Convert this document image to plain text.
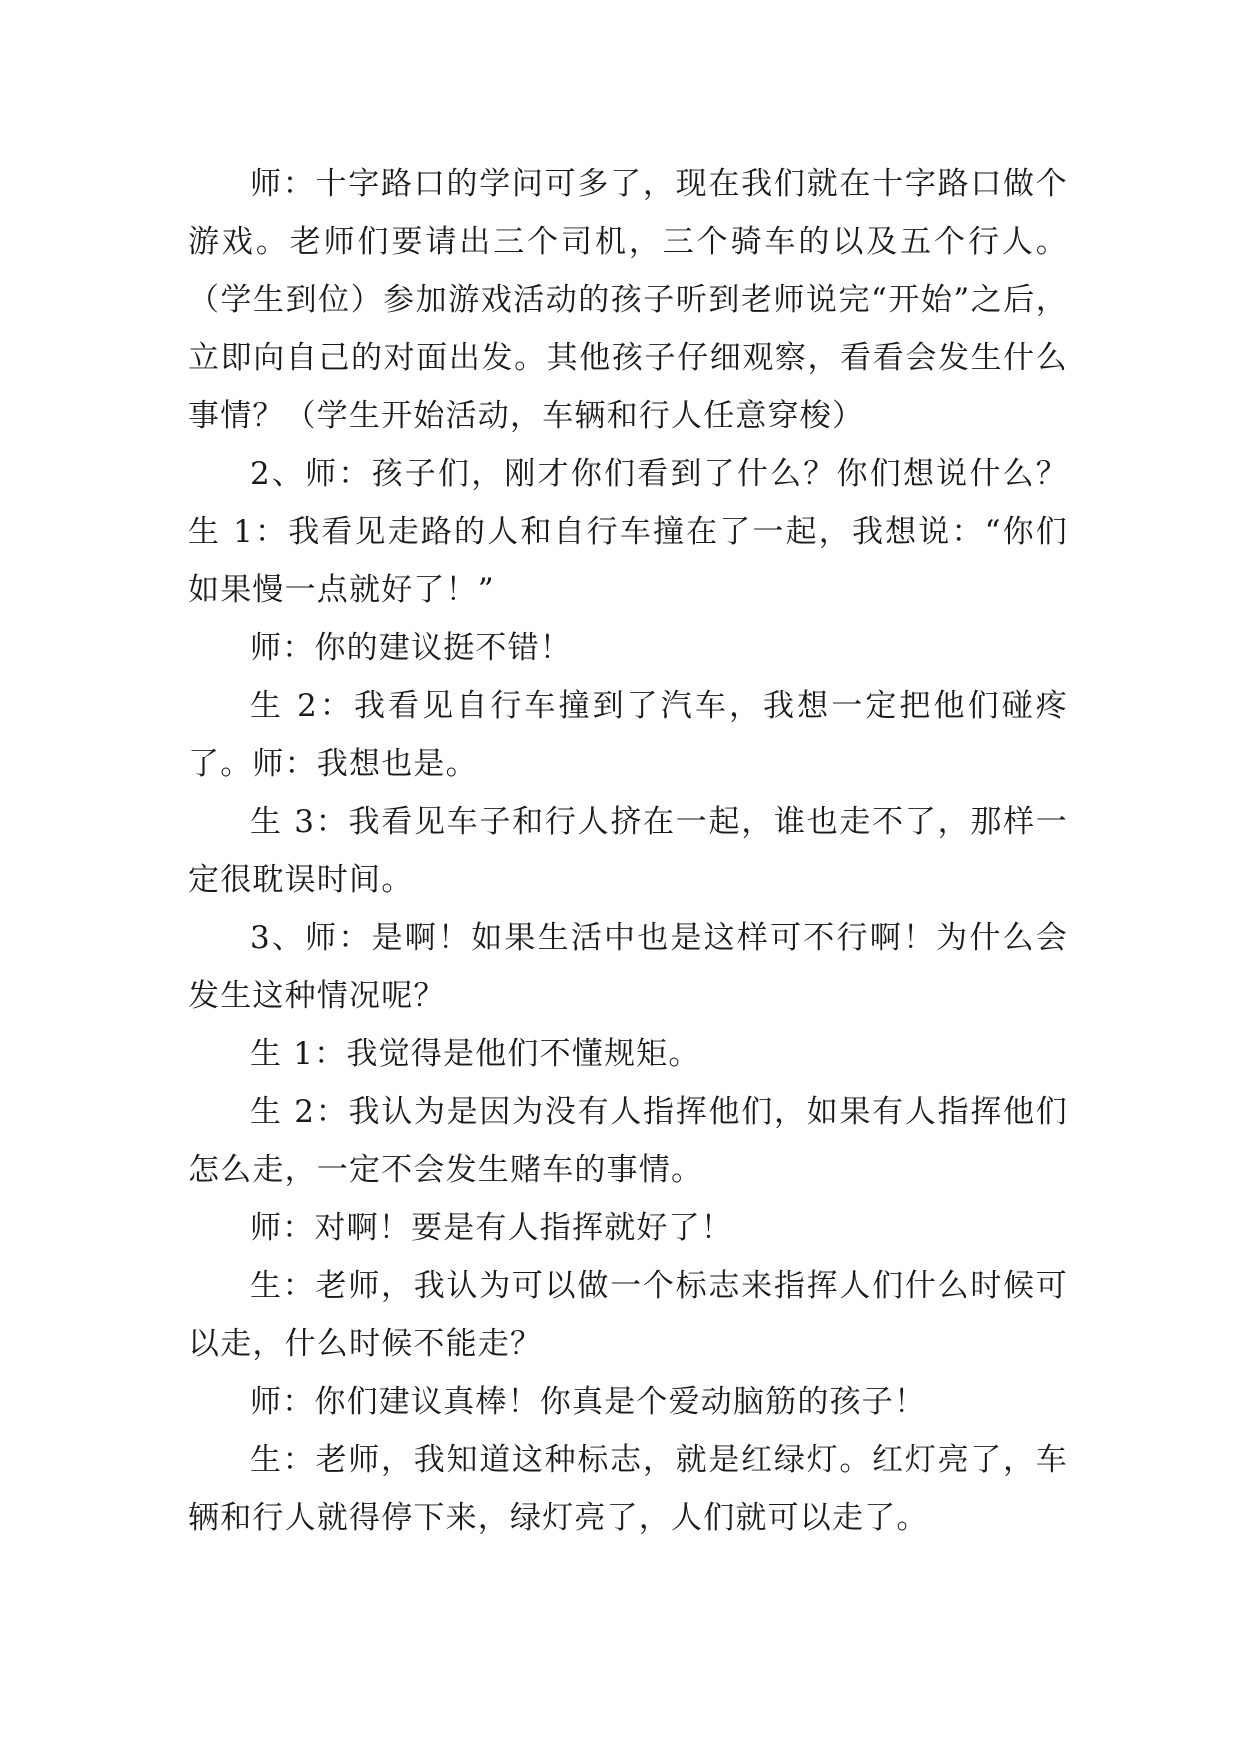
师：十字路口的学问可多了，现在我们就在十字路口做个游戏。老师们要请出三个司机，三个骑车的以及五个行人。（学生到位）参加游戏活动的孩子听到老师说完“开始”之后，立即向自己的对面出发。其他孩子仔细观察，看看会发生什么事情？（学生开始活动，车辆和行人任意穿梭）

2、师：孩子们，刚才你们看到了什么？你们想说什么？生 1：我看见走路的人和自行车撞在了一起，我想说：“你们如果慢一点就好了！”

师：你的建议挺不错！

生 2：我看见自行车撞到了汽车，我想一定把他们碰疼了。师：我想也是。

生 3：我看见车子和行人挤在一起，谁也走不了，那样一定很耽误时间。

3、师：是啊！如果生活中也是这样可不行啊！为什么会发生这种情况呢？

生 1：我觉得是他们不懂规矩。

生 2：我认为是因为没有人指挥他们，如果有人指挥他们怎么走，一定不会发生赌车的事情。

师：对啊！要是有人指挥就好了！

生：老师，我认为可以做一个标志来指挥人们什么时候可以走，什么时候不能走？

师：你们建议真棒！你真是个爱动脑筋的孩子！

生：老师，我知道这种标志，就是红绿灯。红灯亮了，车辆和行人就得停下来，绿灯亮了，人们就可以走了。
